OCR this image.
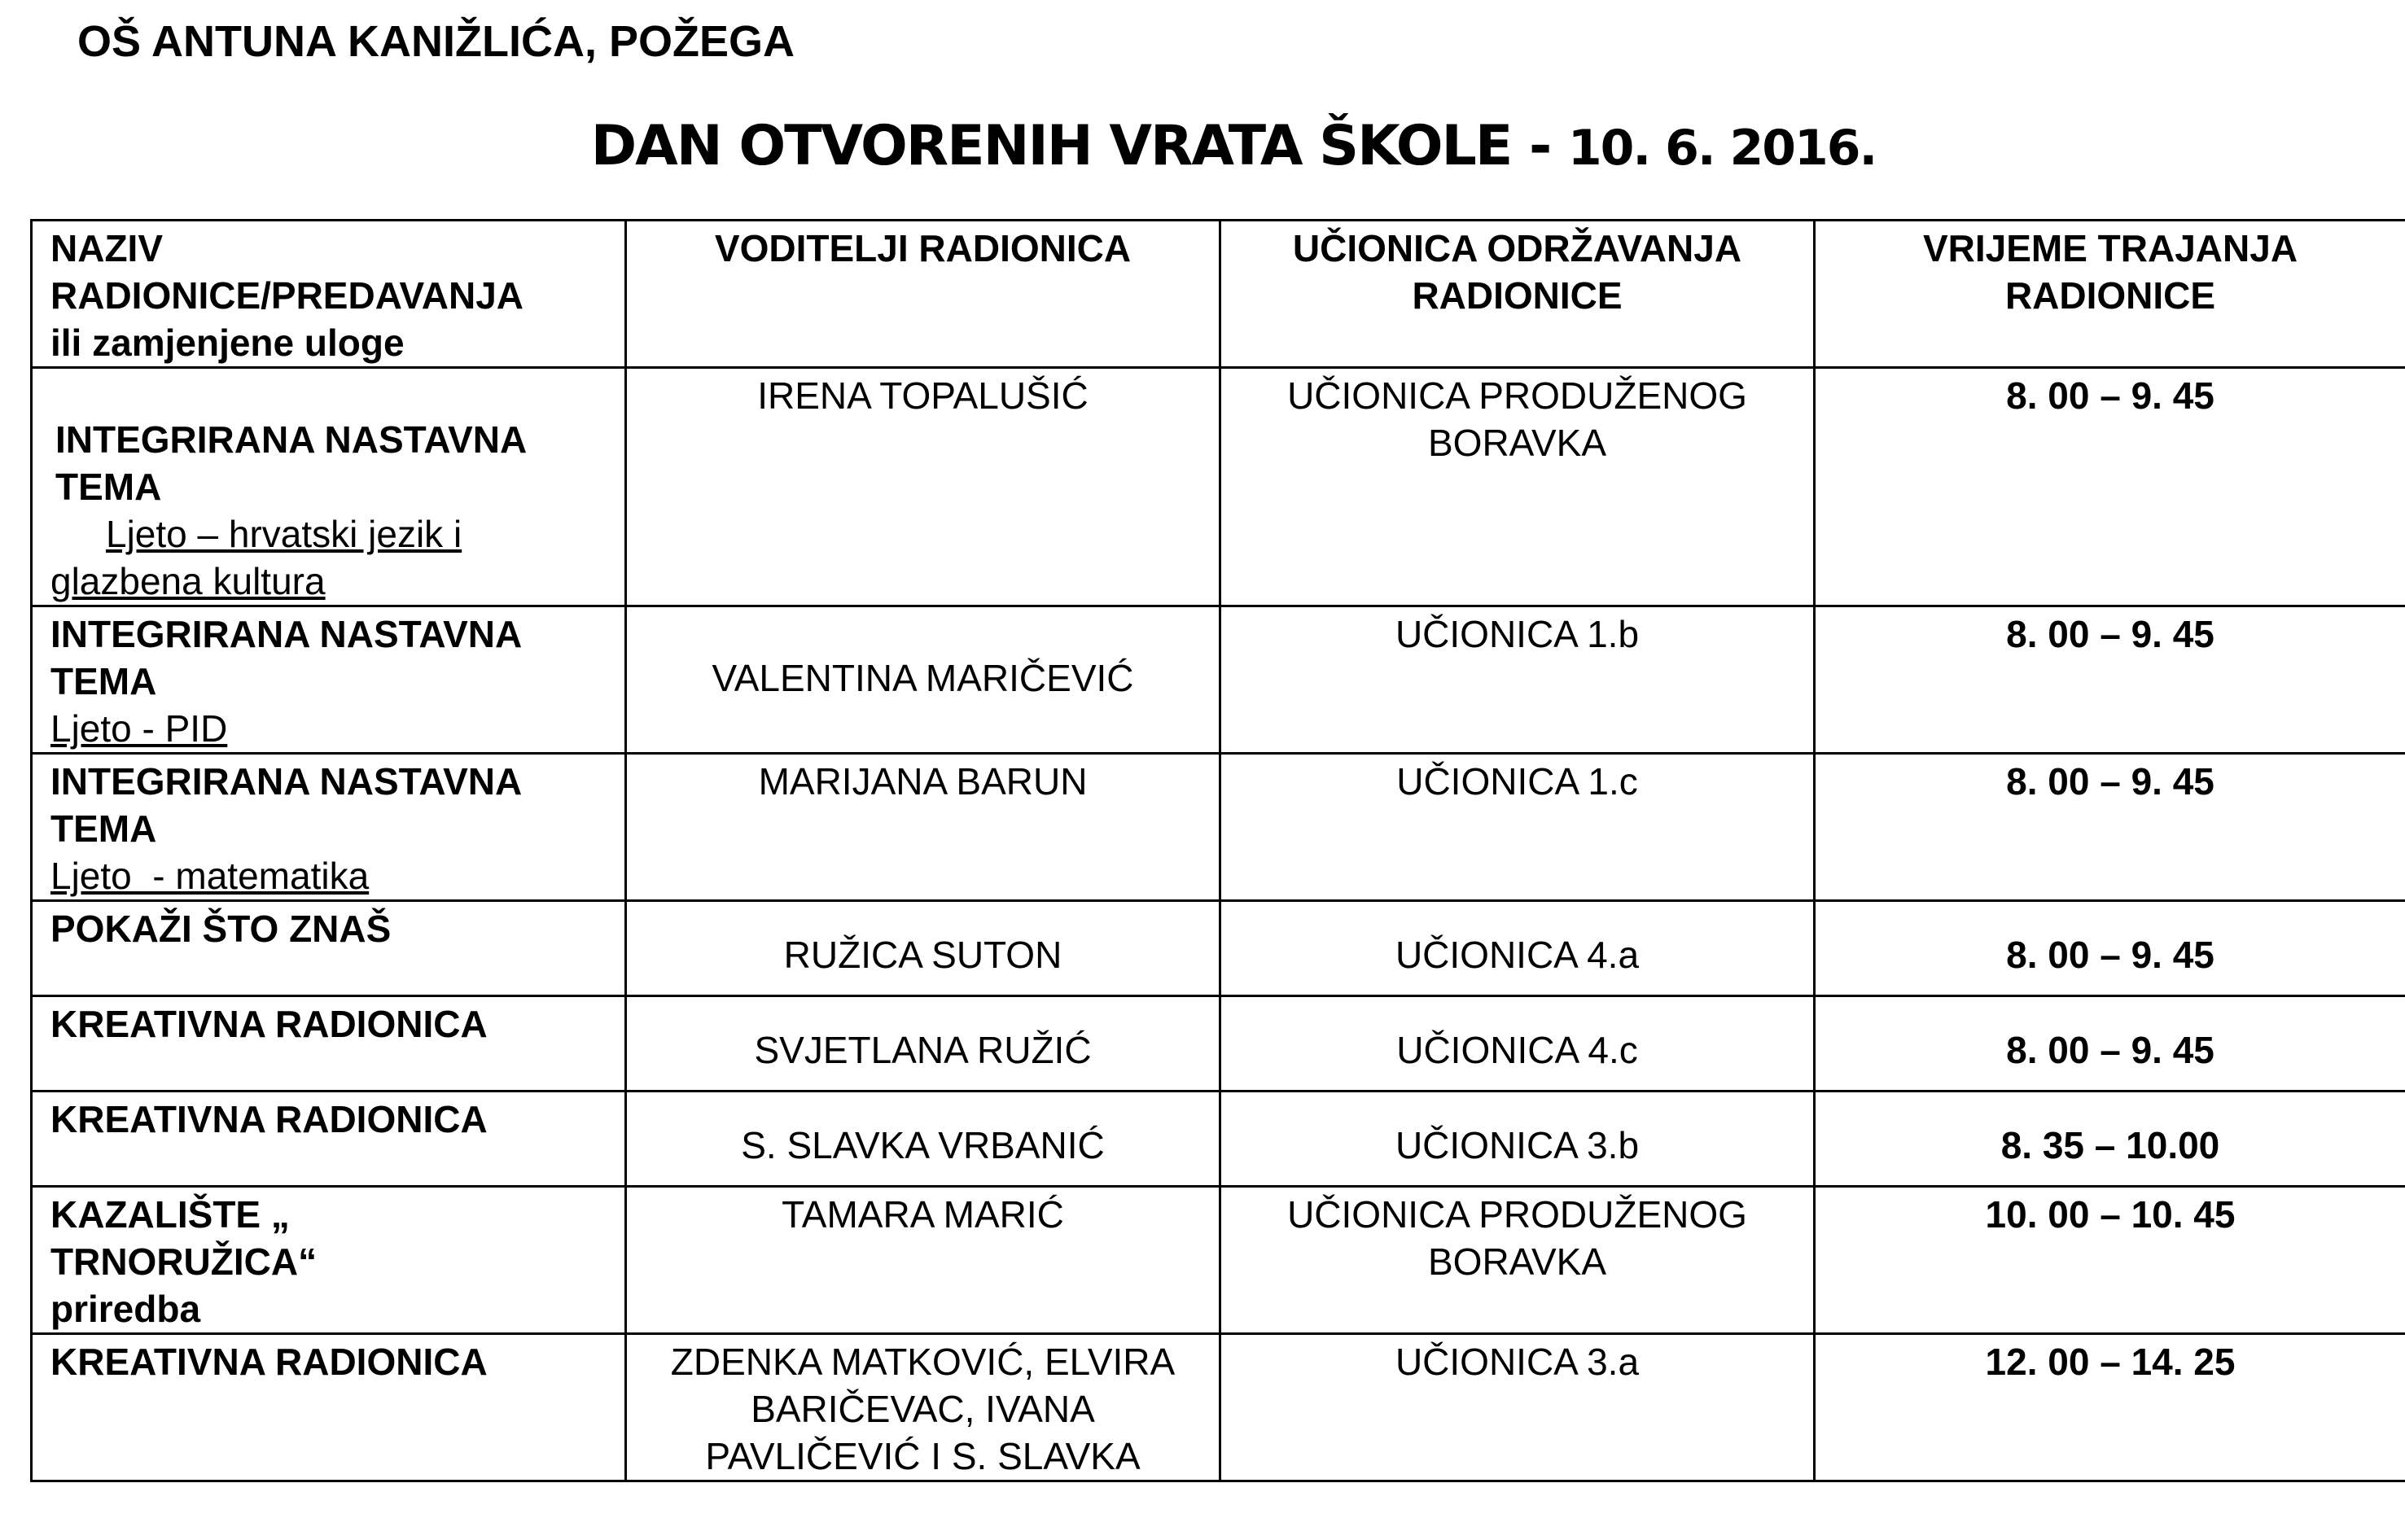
OŠ ANTUNA KANIŽLIĆA, POŽEGA
DAN OTVORENIH VRATA ŠKOLE - 10. 6. 2016.
NAZIV
RADIONICE/PREDAVANJA
ili zamjenjene uloge	VODITELJI RADIONICA	UČIONICA ODRŽAVANJA RADIONICE	VRIJEME TRAJANJA RADIONICE

INTEGRIRANA NASTAVNA TEMA
Ljeto – hrvatski jezik i glazbena kultura	IRENA TOPALUŠIĆ	UČIONICA PRODUŽENOG BORAVKA	8. 00 – 9. 45

INTEGRIRANA NASTAVNA TEMA
Ljeto - PID	VALENTINA MARIČEVIĆ	UČIONICA 1.b	8. 00 – 9. 45

INTEGRIRANA NASTAVNA TEMA
Ljeto  - matematika	MARIJANA BARUN	UČIONICA 1.c	8. 00 – 9. 45

POKAŽI ŠTO ZNAŠ	RUŽICA SUTON	UČIONICA 4.a	8. 00 – 9. 45

KREATIVNA RADIONICA	SVJETLANA RUŽIĆ	UČIONICA 4.c	8. 00 – 9. 45

KREATIVNA RADIONICA	S. SLAVKA VRBANIĆ	UČIONICA 3.b	8. 35 – 10.00

KAZALIŠTE „
TRNORUŽICA“
priredba	TAMARA MARIĆ	UČIONICA PRODUŽENOG BORAVKA	10. 00 – 10. 45

KREATIVNA RADIONICA	ZDENKA MATKOVIĆ, ELVIRA BARIČEVAC, IVANA PAVLIČEVIĆ I S. SLAVKA	UČIONICA 3.a	12. 00 – 14. 25
